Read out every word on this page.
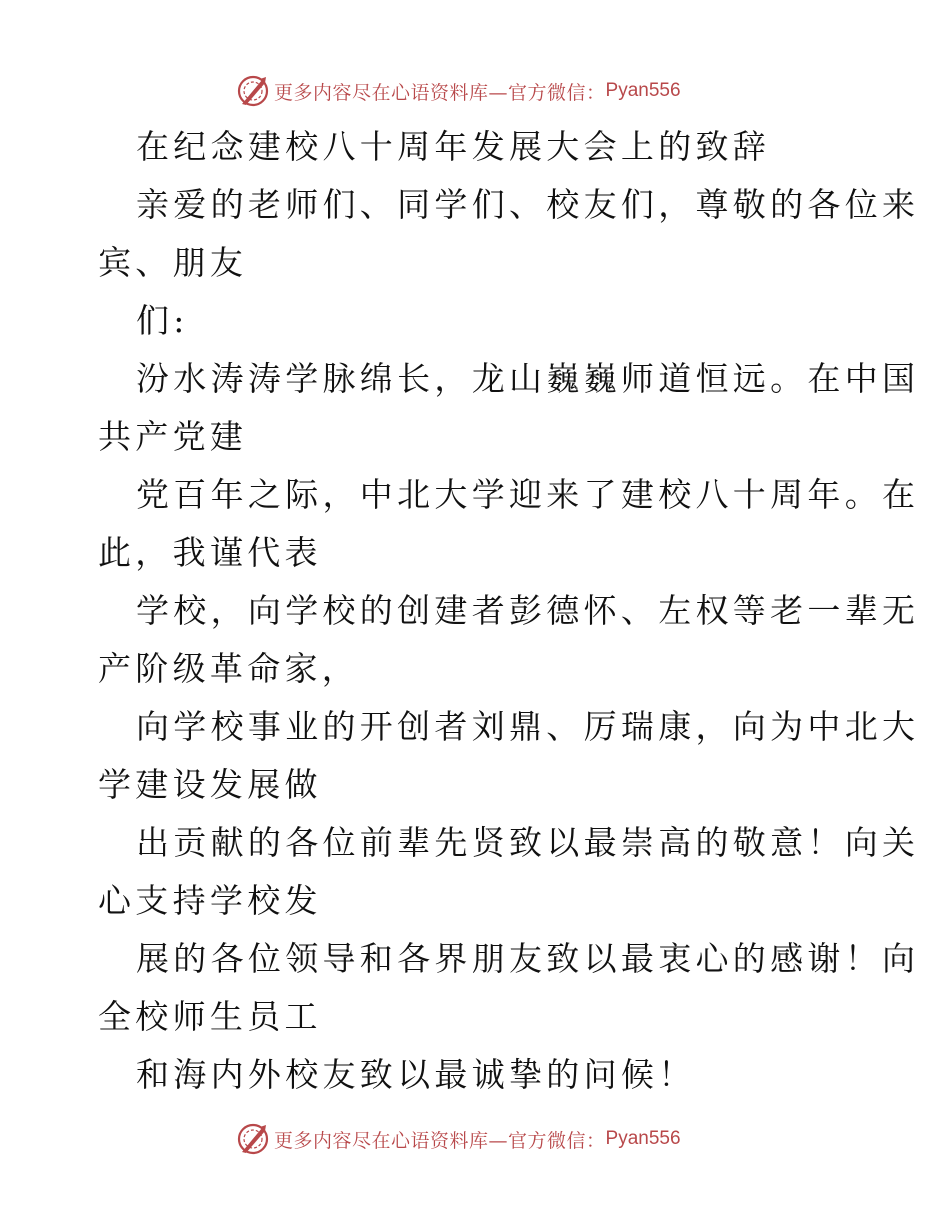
更多内容尽在心语资料库—官方微信： Pyan556

在纪念建校八十周年发展大会上的致辞

亲爱的老师们、同学们、校友们，尊敬的各位来

宾、朋友

们:

汾水涛涛学脉绵长，龙山巍巍师道恒远。在中国

共产党建

党百年之际，中北大学迎来了建校八十周年。在

此，我谨代表

学校，向学校的创建者彭德怀、左权等老一辈无

产阶级革命家，

向学校事业的开创者刘鼎、厉瑞康，向为中北大

学建设发展做

出贡献的各位前辈先贤致以最崇高的敬意！向关

心支持学校发

展的各位领导和各界朋友致以最衷心的感谢！向

全校师生员工

和海内外校友致以最诚挚的问候！

更多内容尽在心语资料库—官方微信： Pyan556
